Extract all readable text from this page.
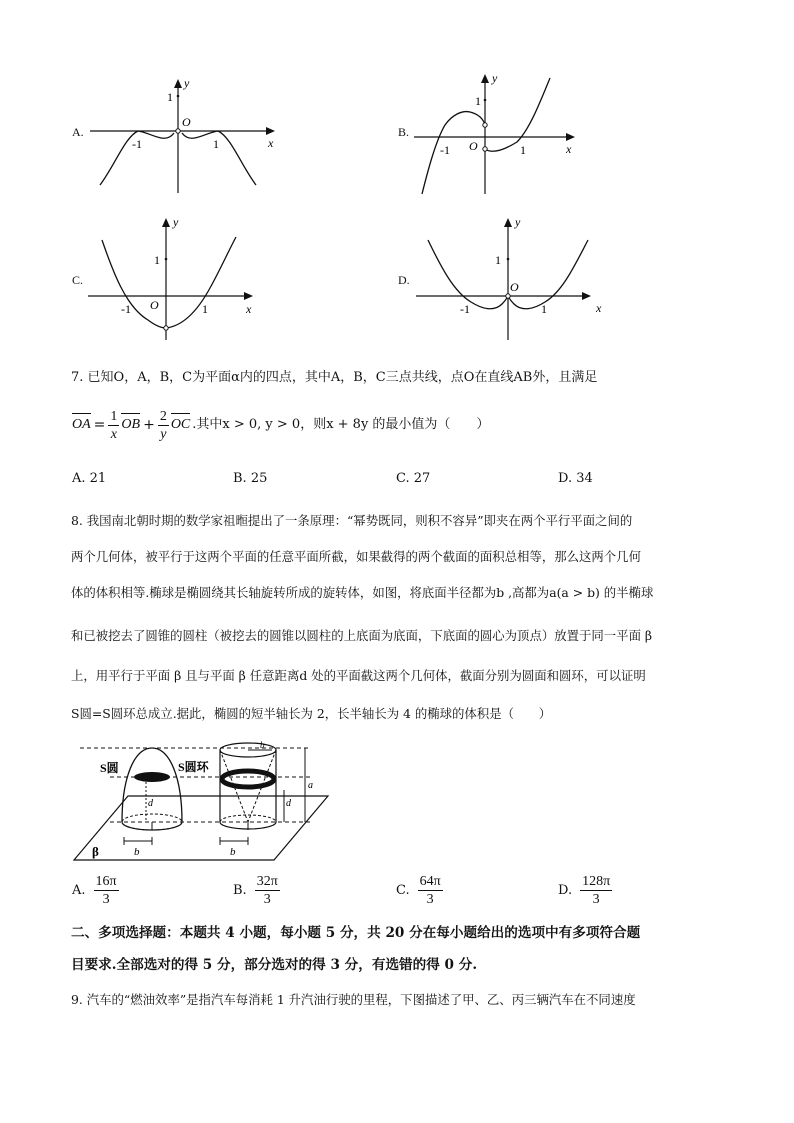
A.
y
x
1
O
-1	1
B.
y
x
1
O
-1	1
C.
y
x
1
O
-1	1
D.
y
x
1
O
-1	1
7. 已知O，A，B，C为平面α内的四点，其中A，B，C三点共线，点O在直线AB外，且满足
OA = $\frac{1}{x}$ OB + $\frac{2}{y}$ OC .其中x > 0, y > 0，则x + 8y 的最小值为（　　）
A. 21	B. 25	C. 27	D. 34
8. 我国南北朝时期的数学家祖暅提出了一条原理：“幂势既同，则积不容异”即夹在两个平行平面之间的
两个几何体，被平行于这两个平面的任意平面所截，如果截得的两个截面的面积总相等，那么这两个几何
体的体积相等.椭球是椭圆绕其长轴旋转所成的旋转体，如图，将底面半径都为b ,高都为a(a > b) 的半椭球
和已被挖去了圆锥的圆柱（被挖去的圆锥以圆柱的上底面为底面，下底面的圆心为顶点）放置于同一平面 β
上，用平行于平面 β 且与平面 β 任意距离d 处的平面截这两个几何体，截面分别为圆面和圆环，可以证明
S圆=S圆环总成立.据此，椭圆的短半轴长为 2，长半轴长为 4 的椭球的体积是（　　）
S圆	S圆环
β	b	b
b
d	d
a
A. $\frac{16\pi}{3}$	B. $\frac{32\pi}{3}$	C. $\frac{64\pi}{3}$	D. $\frac{128\pi}{3}$
二、多项选择题：本题共 4 小题，每小题 5 分，共 20 分在每小题给出的选项中有多项符合题
目要求.全部选对的得 5 分，部分选对的得 3 分，有选错的得 0 分.
9. 汽车的“燃油效率”是指汽车每消耗 1 升汽油行驶的里程，下图描述了甲、乙、丙三辆汽车在不同速度
